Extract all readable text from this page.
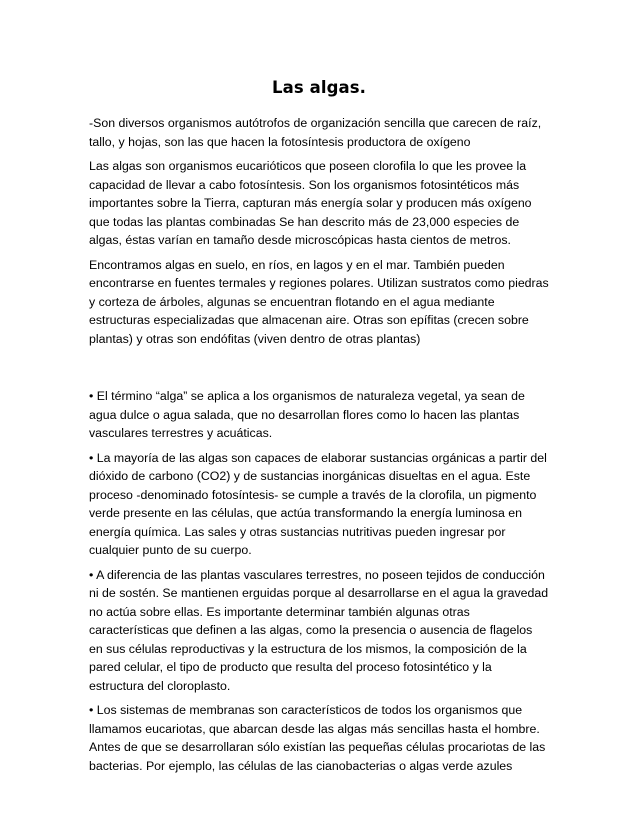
Las algas.

-Son diversos organismos autótrofos de organización sencilla que carecen de raíz, tallo, y hojas, son las que hacen la fotosíntesis productora de oxígeno

Las algas son organismos eucarióticos que poseen clorofila lo que les provee la capacidad de llevar a cabo fotosíntesis. Son los organismos fotosintéticos más importantes sobre la Tierra, capturan más energía solar y producen más oxígeno que todas las plantas combinadas Se han descrito más de 23,000 especies de algas, éstas varían en tamaño desde microscópicas hasta cientos de metros.

Encontramos algas en suelo, en ríos, en lagos y en el mar. También pueden encontrarse en fuentes termales y regiones polares. Utilizan sustratos como piedras y corteza de árboles, algunas se encuentran flotando en el agua mediante estructuras especializadas que almacenan aire. Otras son epífitas (crecen sobre plantas) y otras son endófitas (viven dentro de otras plantas)

• El término “alga” se aplica a los organismos de naturaleza vegetal, ya sean de agua dulce o agua salada, que no desarrollan flores como lo hacen las plantas vasculares terrestres y acuáticas.

• La mayoría de las algas son capaces de elaborar sustancias orgánicas a partir del dióxido de carbono (CO2) y de sustancias inorgánicas disueltas en el agua. Este proceso -denominado fotosíntesis- se cumple a través de la clorofila, un pigmento verde presente en las células, que actúa transformando la energía luminosa en energía química. Las sales y otras sustancias nutritivas pueden ingresar por cualquier punto de su cuerpo.

• A diferencia de las plantas vasculares terrestres, no poseen tejidos de conducción ni de sostén. Se mantienen erguidas porque al desarrollarse en el agua la gravedad no actúa sobre ellas. Es importante determinar también algunas otras características que definen a las algas, como la presencia o ausencia de flagelos en sus células reproductivas y la estructura de los mismos, la composición de la pared celular, el tipo de producto que resulta del proceso fotosintético y la estructura del cloroplasto.

• Los sistemas de membranas son característicos de todos los organismos que llamamos eucariotas, que abarcan desde las algas más sencillas hasta el hombre. Antes de que se desarrollaran sólo existían las pequeñas células procariotas de las bacterias. Por ejemplo, las células de las cianobacterias o algas verde azules
